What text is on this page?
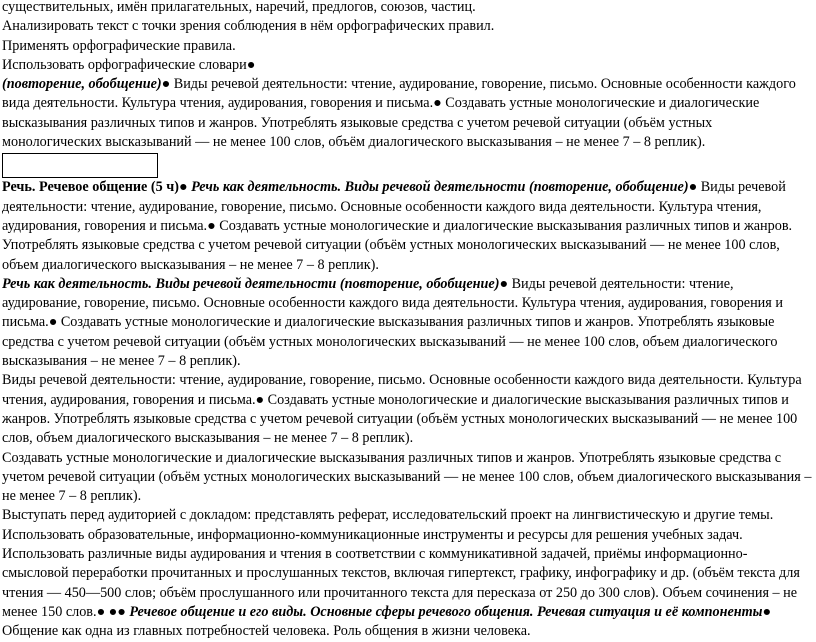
существительных, имён прилагательных, наречий, предлогов, союзов, частиц.

Анализировать текст с точки зрения соблюдения в нём орфографических правил.

Применять орфографические правила.

Использовать орфографические словари●

(повторение, обобщение)● Виды речевой деятельности: чтение, аудирование, говорение, письмо. Основные особенности каждого вида деятельности. Культура чтения, аудирования, говорения и письма.● Создавать устные монологические и диалогические высказывания различных типов и жанров. Употреблять языковые средства с учетом речевой ситуации (объём устных монологических высказываний — не менее 100 слов, объём диалогического высказывания – не менее 7 – 8 реплик).

Речь. Речевое общение (5 ч)● Речь как деятельность. Виды речевой деятельности (повторение, обобщение)● Виды речевой деятельности: чтение, аудирование, говорение, письмо. Основные особенности каждого вида деятельности. Культура чтения, аудирования, говорения и письма.● Создавать устные монологические и диалогические высказывания различных типов и жанров. Употреблять языковые средства с учетом речевой ситуации (объём устных монологических высказываний — не менее 100 слов, объем диалогического высказывания – не менее 7 – 8 реплик).

Речь как деятельность. Виды речевой деятельности (повторение, обобщение)● Виды речевой деятельности: чтение, аудирование, говорение, письмо. Основные особенности каждого вида деятельности. Культура чтения, аудирования, говорения и письма.● Создавать устные монологические и диалогические высказывания различных типов и жанров. Употреблять языковые средства с учетом речевой ситуации (объём устных монологических высказываний — не менее 100 слов, объем диалогического высказывания – не менее 7 – 8 реплик).

Виды речевой деятельности: чтение, аудирование, говорение, письмо. Основные особенности каждого вида деятельности. Культура чтения, аудирования, говорения и письма.● Создавать устные монологические и диалогические высказывания различных типов и жанров. Употреблять языковые средства с учетом речевой ситуации (объём устных монологических высказываний — не менее 100 слов, объем диалогического высказывания – не менее 7 – 8 реплик).

Создавать устные монологические и диалогические высказывания различных типов и жанров. Употреблять языковые средства с учетом речевой ситуации (объём устных монологических высказываний — не менее 100 слов, объем диалогического высказывания – не менее 7 – 8 реплик).

Выступать перед аудиторией с докладом: представлять реферат, исследовательский проект на лингвистическую и другие темы.

Использовать образовательные, информационно-коммуникационные инструменты и ресурсы для решения учебных задач.

Использовать различные виды аудирования и чтения в соответствии с коммуникативной задачей, приёмы информационно-смысловой переработки прочитанных и прослушанных текстов, включая гипертекст, графику, инфографику и др. (объём текста для чтения — 450—500 слов; объём прослушанного или прочитанного текста для пересказа от 250 до 300 слов). Объем сочинения – не менее 150 слов.● ●● Речевое общение и его виды. Основные сферы речевого общения. Речевая ситуация и её компоненты● Общение как одна из главных потребностей человека. Роль общения в жизни человека.
